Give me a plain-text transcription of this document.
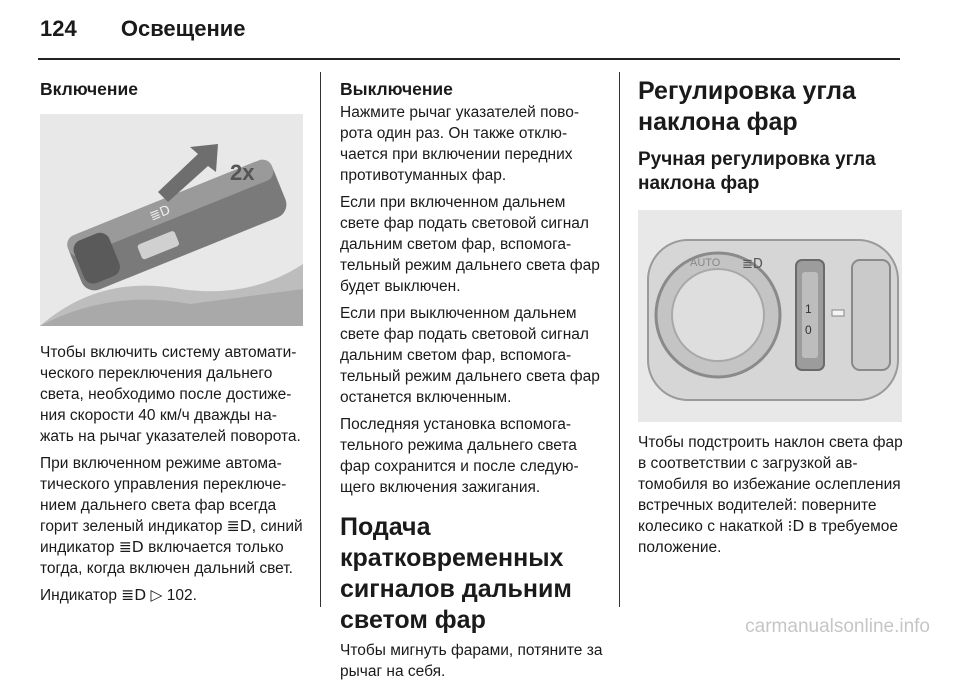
124 Освещение
Включение
≣D
2x

Чтобы включить систему автоматического переключения дальнего света, необходимо после достижения скорости 40 км/ч дважды нажать на рычаг указателей поворота.

При включенном режиме автоматического управления переключением дальнего света фар всегда горит зеленый индикатор ≣D, синий индикатор ≣D включается только тогда, когда включен дальний свет.

Индикатор ≣D ▷ 102.

Выключение

Нажмите рычаг указателей поворота один раз. Он также отключается при включении передних противотуманных фар.

Если при включенном дальнем свете фар подать световой сигнал дальним светом фар, вспомогательный режим дальнего света фар будет выключен.

Если при выключенном дальнем свете фар подать световой сигнал дальним светом фар, вспомогательный режим дальнего света фар останется включенным.

Последняя установка вспомогательного режима дальнего света фар сохранится и после следующего включения зажигания.

Подача кратковременных сигналов дальним светом фар

Чтобы мигнуть фарами, потяните за рычаг на себя.

Регулировка угла наклона фар
Ручная регулировка угла наклона фар
AUTO ≣D
1
0

Чтобы подстроить наклон света фар в соответствии с загрузкой автомобиля во избежание ослепления встречных водителей: поверните колесико с накаткой ⁝D в требуемое положение.

carmanualsonline.info
